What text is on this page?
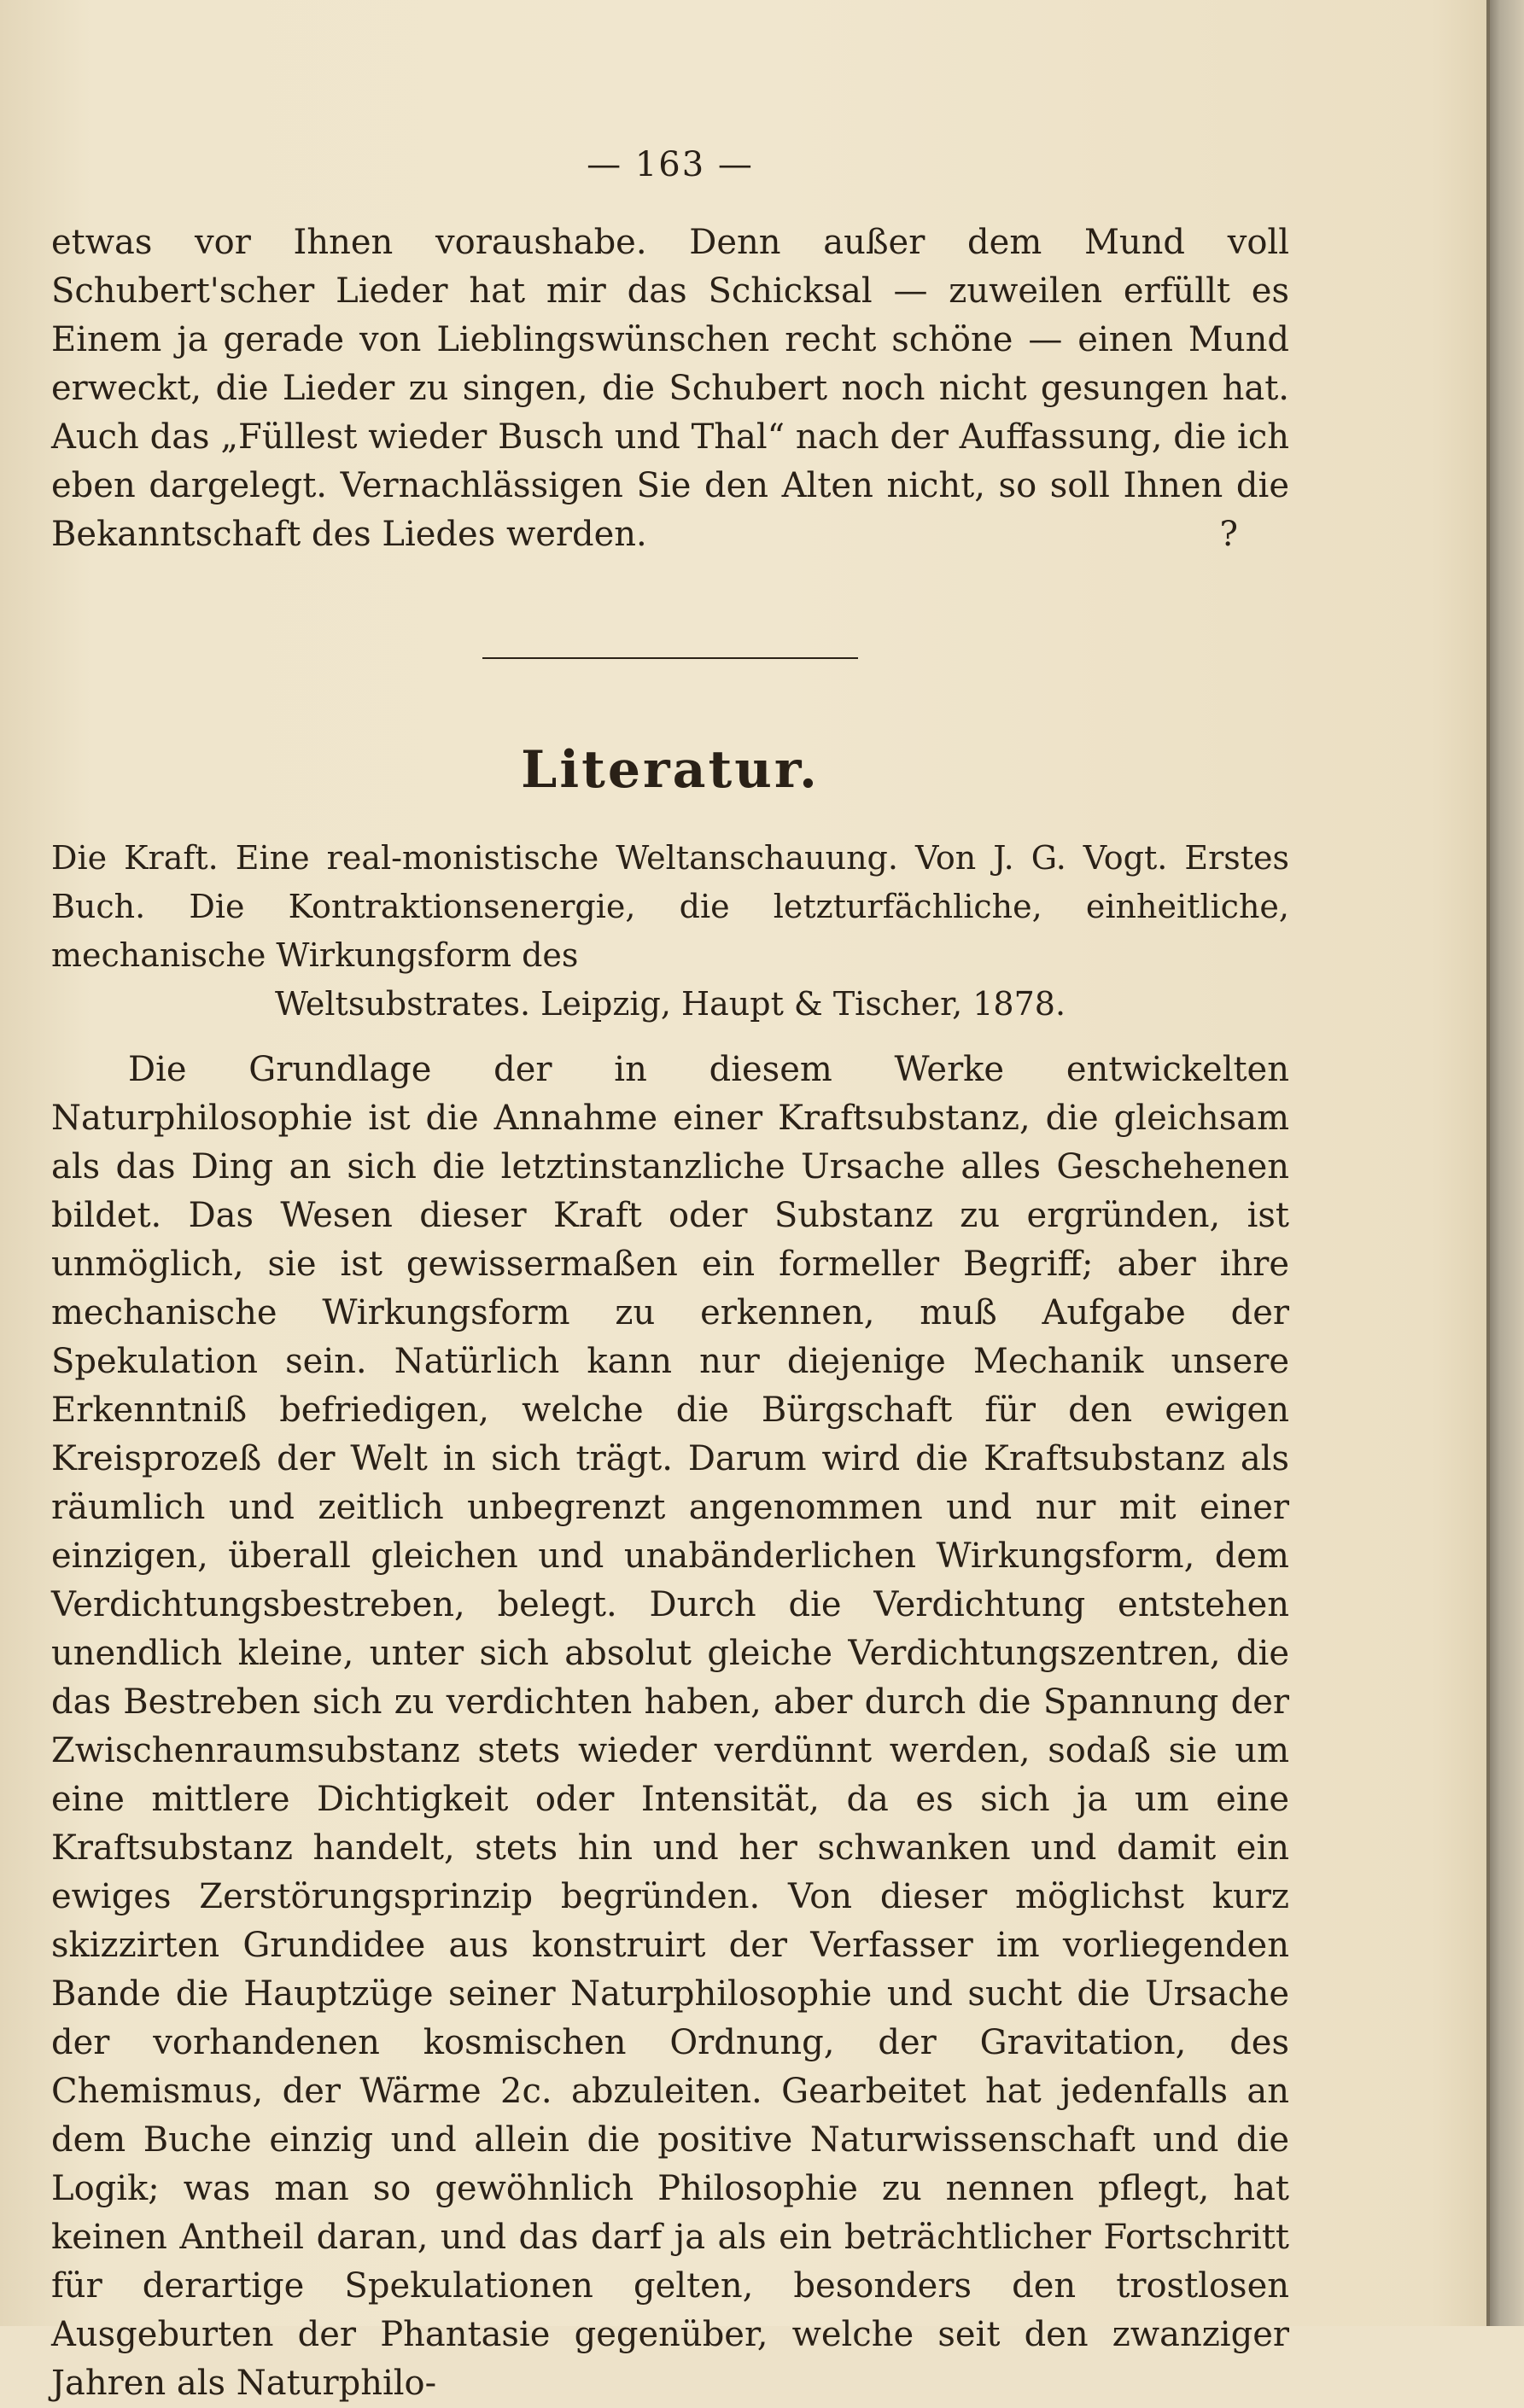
— 163 —

etwas vor Ihnen voraushabe. Denn außer dem Mund voll Schubert'scher Lieder hat mir das Schicksal — zuweilen erfüllt es Einem ja gerade von Lieblingswünschen recht schöne — einen Mund erweckt, die Lieder zu singen, die Schubert noch nicht gesungen hat. Auch das „Füllest wieder Busch und Thal“ nach der Auffassung, die ich eben dargelegt. Vernachlässigen Sie den Alten nicht, so soll Ihnen die Bekanntschaft des Liedes werden.	?

Literatur.

Die Kraft. Eine real-monistische Weltanschauung. Von J. G. Vogt. Erstes Buch. Die Kontraktionsenergie, die letzturfächliche, einheitliche, mechanische Wirkungsform des
Weltsubstrates. Leipzig, Haupt & Tischer, 1878.

Die Grundlage der in diesem Werke entwickelten Naturphilosophie ist die Annahme einer Kraftsubstanz, die gleichsam als das Ding an sich die letztinstanzliche Ursache alles Geschehenen bildet. Das Wesen dieser Kraft oder Substanz zu ergründen, ist unmöglich, sie ist gewissermaßen ein formeller Begriff; aber ihre mechanische Wirkungsform zu erkennen, muß Aufgabe der Spekulation sein. Natürlich kann nur diejenige Mechanik unsere Erkenntniß befriedigen, welche die Bürgschaft für den ewigen Kreisprozeß der Welt in sich trägt. Darum wird die Kraftsubstanz als räumlich und zeitlich unbegrenzt angenommen und nur mit einer einzigen, überall gleichen und unabänderlichen Wirkungsform, dem Verdichtungsbestreben, belegt. Durch die Verdichtung entstehen unendlich kleine, unter sich absolut gleiche Verdichtungszentren, die das Bestreben sich zu verdichten haben, aber durch die Spannung der Zwischenraumsubstanz stets wieder verdünnt werden, sodaß sie um eine mittlere Dichtigkeit oder Intensität, da es sich ja um eine Kraftsubstanz handelt, stets hin und her schwanken und damit ein ewiges Zerstörungsprinzip begründen. Von dieser möglichst kurz skizzirten Grundidee aus konstruirt der Verfasser im vorliegenden Bande die Hauptzüge seiner Naturphilosophie und sucht die Ursache der vorhandenen kosmischen Ordnung, der Gravitation, des Chemismus, der Wärme 2c. abzuleiten. Gearbeitet hat jedenfalls an dem Buche einzig und allein die positive Naturwissenschaft und die Logik; was man so gewöhnlich Philosophie zu nennen pflegt, hat keinen Antheil daran, und das darf ja als ein beträchtlicher Fortschritt für derartige Spekulationen gelten, besonders den trostlosen Ausgeburten der Phantasie gegenüber, welche seit den zwanziger Jahren als Naturphilo-
